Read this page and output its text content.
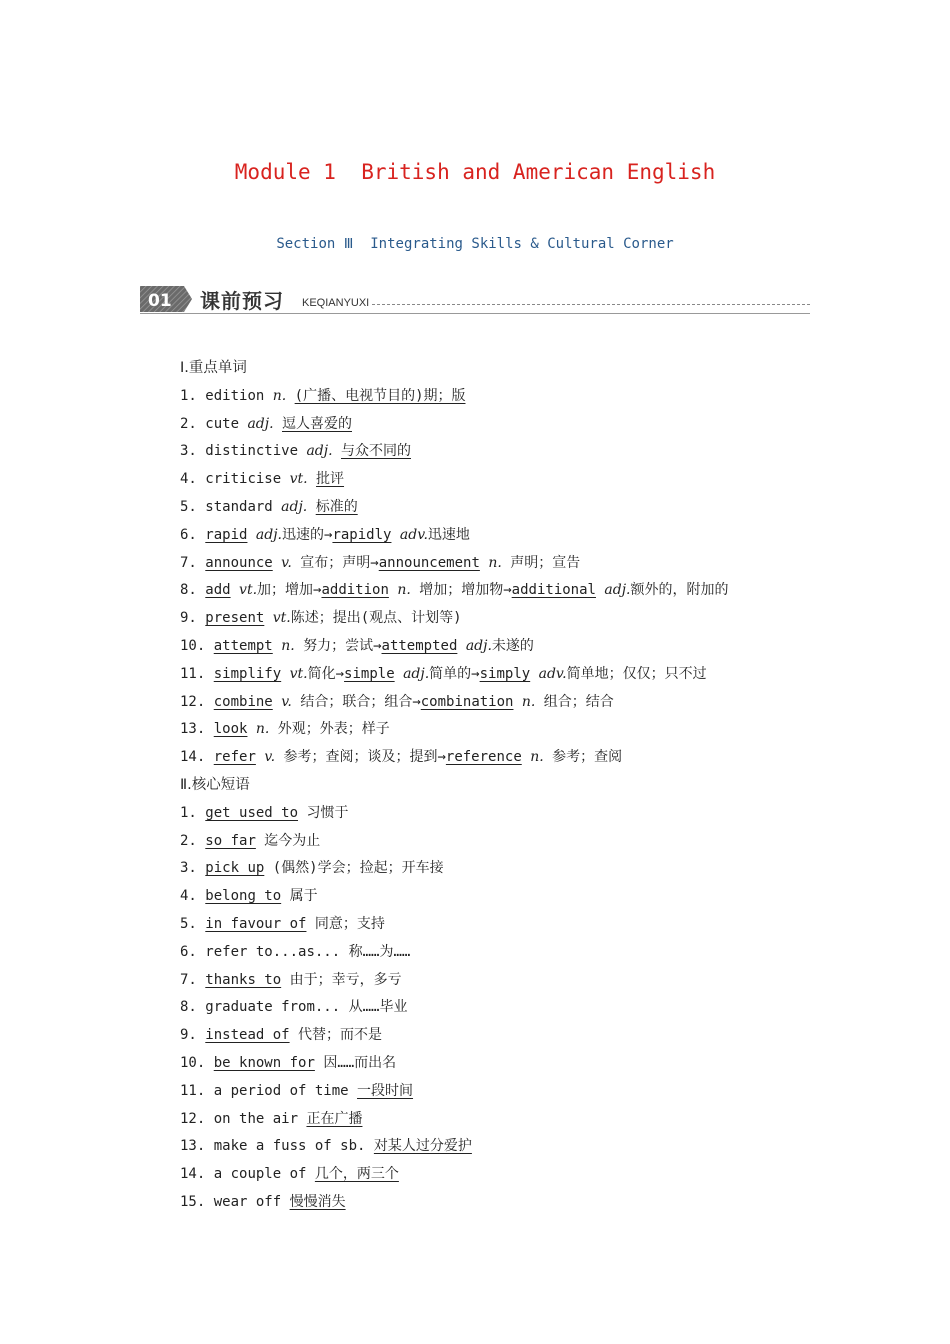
Module 1  British and American English
Section Ⅲ  Integrating Skills & Cultural Corner
01 课前预习 KEQIANYUXI
Ⅰ.重点单词
1. edition n. (广播、电视节目的)期；版
2. cute adj. 逗人喜爱的
3. distinctive adj. 与众不同的
4. criticise vt. 批评
5. standard adj. 标准的
6. rapid adj.迅速的→rapidly adv.迅速地
7. announce v. 宣布；声明→announcement n. 声明；宣告
8. add vt.加；增加→addition n. 增加；增加物→additional adj.额外的，附加的
9. present vt.陈述；提出(观点、计划等)
10. attempt n. 努力；尝试→attempted adj.未遂的
11. simplify vt.简化→simple adj.简单的→simply adv.简单地；仅仅；只不过
12. combine v. 结合；联合；组合→combination n. 组合；结合
13. look n. 外观；外表；样子
14. refer v. 参考；查阅；谈及；提到→reference n. 参考；查阅
Ⅱ.核心短语
1. get used to 习惯于
2. so far 迄今为止
3. pick up (偶然)学会；捡起；开车接
4. belong to 属于
5. in favour of 同意；支持
6. refer to...as... 称……为……
7. thanks to 由于；幸亏，多亏
8. graduate from... 从……毕业
9. instead of 代替；而不是
10. be known for 因……而出名
11. a period of time 一段时间
12. on the air 正在广播
13. make a fuss of sb. 对某人过分爱护
14. a couple of 几个，两三个
15. wear off 慢慢消失
